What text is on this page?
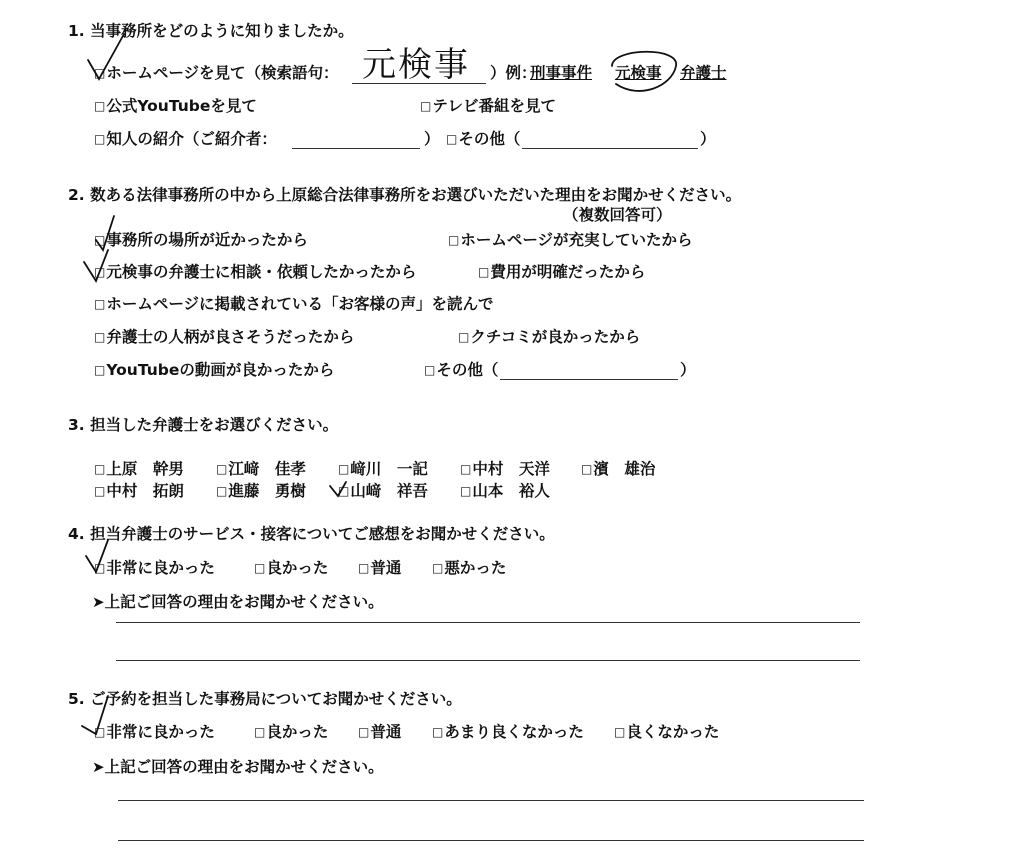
1. 当事務所をどのように知りましたか。
□ホームページを見て（検索語句： 元検事 ）例：
刑事事件 元検事 弁護士
□公式YouTubeを見て	□テレビ番組を見て
□知人の紹介（ご紹介者：	） □その他（	）
2. 数ある法律事務所の中から上原総合法律事務所をお選びいただいた理由をお聞かせください。
（複数回答可）
□事務所の場所が近かったから	□ホームページが充実していたから
□元検事の弁護士に相談・依頼したかったから	□費用が明確だったから
□ホームページに掲載されている「お客様の声」を読んで
□弁護士の人柄が良さそうだったから	□クチコミが良かったから
□YouTubeの動画が良かったから	□その他（	）
3. 担当した弁護士をお選びください。
□上原　幹男	□江﨑　佳孝	□﨑川　一記	□中村　天洋	□濱　雄治
□中村　拓朗	□進藤　勇樹	□山﨑　祥吾	□山本　裕人
4. 担当弁護士のサービス・接客についてご感想をお聞かせください。
□非常に良かった	□良かった □普通	□悪かった
➤上記ご回答の理由をお聞かせください。
5. ご予約を担当した事務局についてお聞かせください。
□非常に良かった	□良かった □普通	□あまり良くなかった	□良くなかった
➤上記ご回答の理由をお聞かせください。
